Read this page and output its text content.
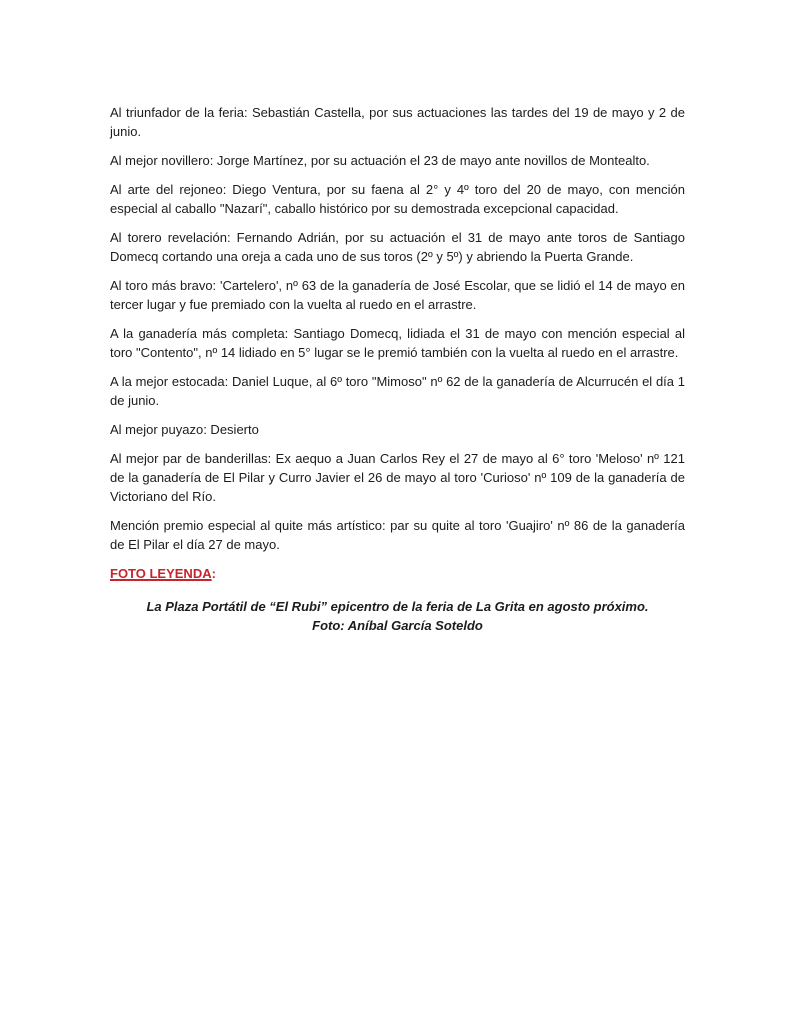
Al triunfador de la feria: Sebastián Castella, por sus actuaciones las tardes del 19 de mayo y 2 de junio.

Al mejor novillero: Jorge Martínez, por su actuación el 23 de mayo ante novillos de Montealto.

Al arte del rejoneo: Diego Ventura, por su faena al 2° y 4º toro del 20 de mayo, con mención especial al caballo "Nazarí", caballo histórico por su demostrada excepcional capacidad.

Al torero revelación: Fernando Adrián, por su actuación el 31 de mayo ante toros de Santiago Domecq cortando una oreja a cada uno de sus toros (2º y 5º) y abriendo la Puerta Grande.

Al toro más bravo: 'Cartelero', nº 63 de la ganadería de José Escolar, que se lidió el 14 de mayo en tercer lugar y fue premiado con la vuelta al ruedo en el arrastre.

A la ganadería más completa: Santiago Domecq, lidiada el 31 de mayo con mención especial al toro "Contento", nº 14 lidiado en 5° lugar se le premió también con la vuelta al ruedo en el arrastre.

A la mejor estocada: Daniel Luque, al 6º toro "Mimoso" nº 62 de la ganadería de Alcurrucén el día 1 de junio.

Al mejor puyazo: Desierto

Al mejor par de banderillas: Ex aequo a Juan Carlos Rey el 27 de mayo al 6° toro 'Meloso' nº 121 de la ganadería de El Pilar y Curro Javier el 26 de mayo al toro 'Curioso' nº 109 de la ganadería de Victoriano del Río.

Mención premio especial al quite más artístico: par su quite al toro 'Guajiro' nº 86 de la ganadería de El Pilar el día 27 de mayo.

FOTO LEYENDA:

La Plaza Portátil de “El Rubi” epicentro de la feria de La Grita en agosto próximo.
Foto: Aníbal García Soteldo
